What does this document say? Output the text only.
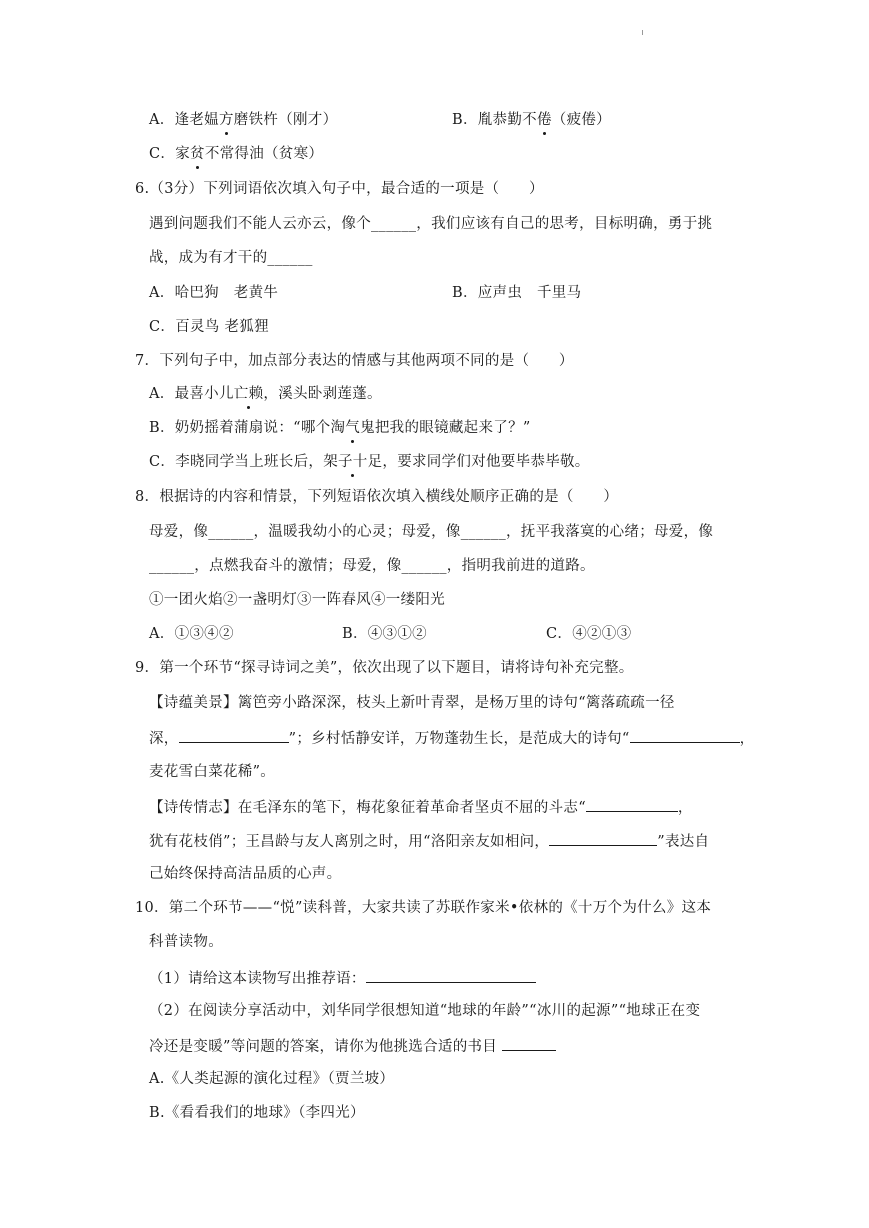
A．逢老媪方磨铁杵（刚才）	B．胤恭勤不倦（疲倦）
C．家贫不常得油（贫寒）
6.（3分）下列词语依次填入句子中，最合适的一项是（　　）
遇到问题我们不能人云亦云，像个______，我们应该有自己的思考，目标明确，勇于挑
战，成为有才干的______
A．哈巴狗　老黄牛	B．应声虫　千里马
C．百灵鸟 老狐狸
7．下列句子中，加点部分表达的情感与其他两项不同的是（　　）
A．最喜小儿亡赖，溪头卧剥莲蓬。
B．奶奶摇着蒲扇说：“哪个淘气鬼把我的眼镜藏起来了？”
C．李晓同学当上班长后，架子十足，要求同学们对他要毕恭毕敬。
8．根据诗的内容和情景，下列短语依次填入横线处顺序正确的是（　　）
母爱，像______，温暖我幼小的心灵；母爱，像______，抚平我落寞的心绪；母爱，像
______，点燃我奋斗的激情；母爱，像______，指明我前进的道路。
①一团火焰②一盏明灯③一阵春风④一缕阳光
A．①③④②	B．④③①②	C．④②①③
9．第一个环节“探寻诗词之美”，依次出现了以下题目，请将诗句补充完整。
【诗蕴美景】篱笆旁小路深深，枝头上新叶青翠，是杨万里的诗句“篱落疏疏一径
深，	”；乡村恬静安详，万物蓬勃生长，是范成大的诗句“	，
麦花雪白菜花稀”。
【诗传情志】在毛泽东的笔下，梅花象征着革命者坚贞不屈的斗志“	，
犹有花枝俏”；王昌龄与友人离别之时，用“洛阳亲友如相问，	”表达自
己始终保持高洁品质的心声。
10．第二个环节——“悦”读科普，大家共读了苏联作家米•依林的《十万个为什么》这本
科普读物。
（1）请给这本读物写出推荐语：
（2）在阅读分享活动中，刘华同学很想知道“地球的年龄”“冰川的起源”“地球正在变
冷还是变暖”等问题的答案，请你为他挑选合适的书目
A.《人类起源的演化过程》（贾兰坡）
B.《看看我们的地球》（李四光）
